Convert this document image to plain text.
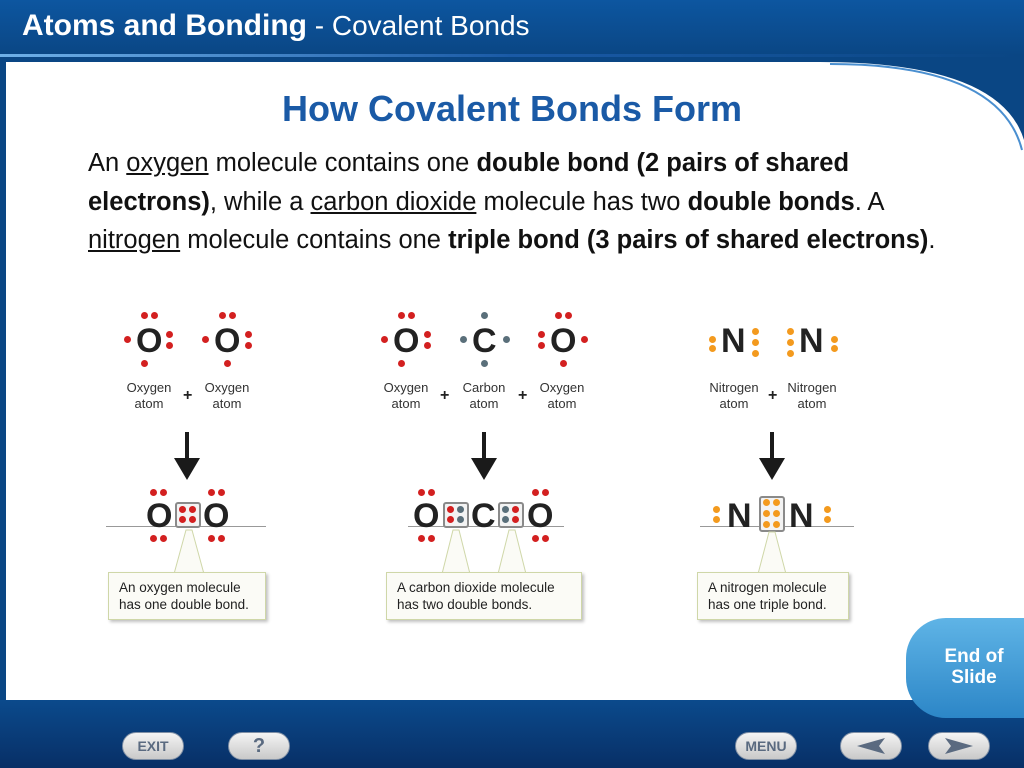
Atoms and Bonding - Covalent Bonds
How Covalent Bonds Form
An oxygen molecule contains one double bond (2 pairs of shared electrons), while a carbon dioxide molecule has two double bonds. A nitrogen molecule contains one triple bond (3 pairs of shared electrons).
O O
Oxygen
atom	+ Oxygen
atom
O O
An oxygen molecule
has one double bond.
O C O
Oxygen
atom	+	Carbon
atom	+ Oxygen
atom
O C O
A carbon dioxide molecule
has two double bonds.
N N
Nitrogen
atom	+ Nitrogen
atom
N N
A nitrogen molecule
has one triple bond.
EXIT	?	MENU
End of
Slide
